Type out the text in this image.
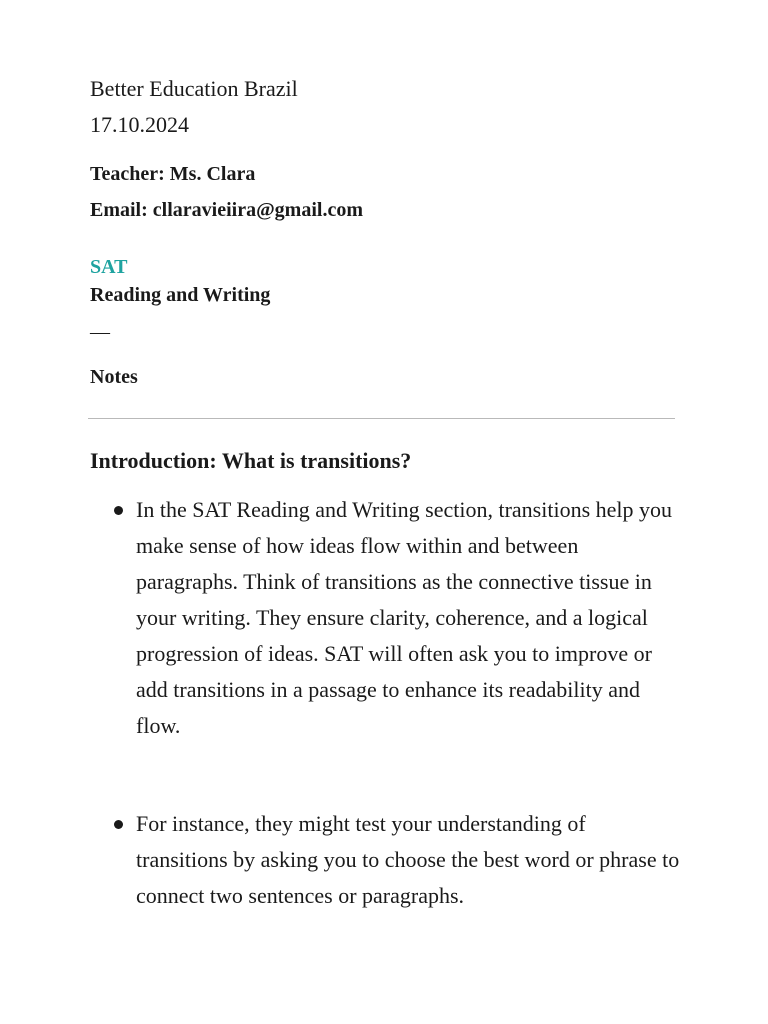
Better Education Brazil
17.10.2024
Teacher: Ms. Clara
Email: cllaravieiira@gmail.com
SAT
Reading and Writing
—
Notes
Introduction: What is transitions?
In the SAT Reading and Writing section, transitions help you make sense of how ideas flow within and between paragraphs. Think of transitions as the connective tissue in your writing. They ensure clarity, coherence, and a logical progression of ideas. SAT will often ask you to improve or add transitions in a passage to enhance its readability and flow.
For instance, they might test your understanding of transitions by asking you to choose the best word or phrase to connect two sentences or paragraphs.
